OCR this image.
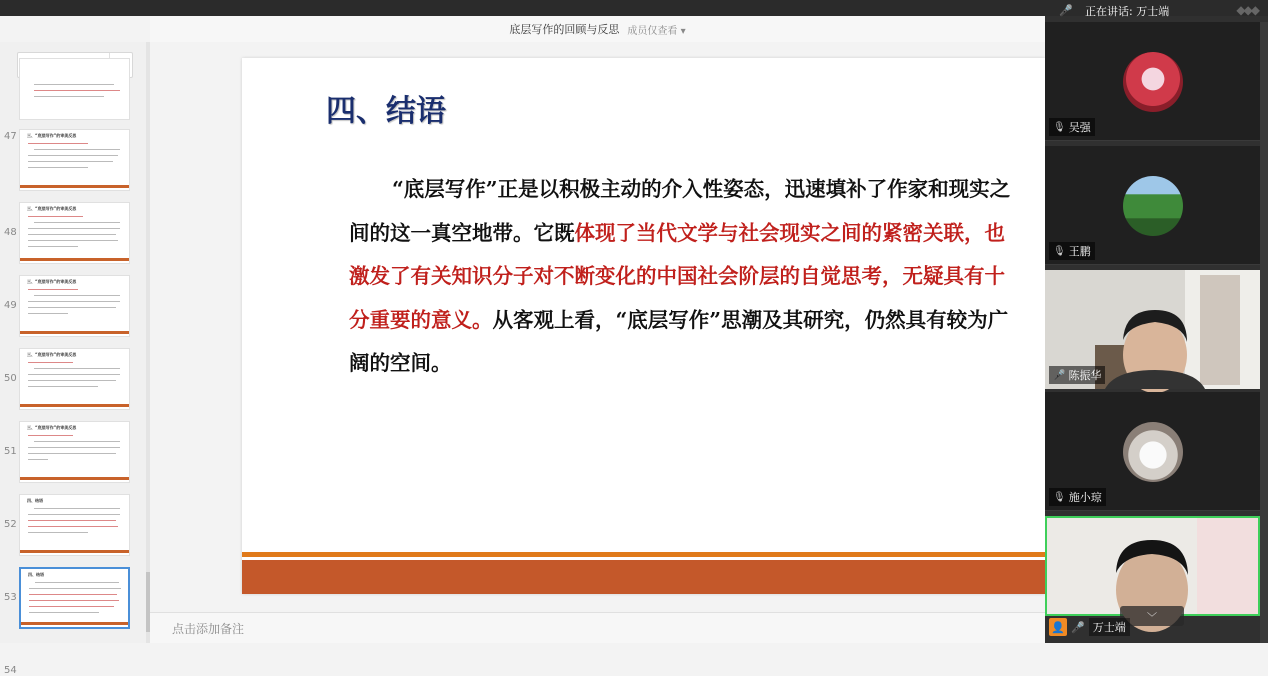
底层写作的回顾与反思 成员仅查看 ▾
47
48
三、“底层写作”的审美反思
49
三、“底层写作”的审美反思
50
三、“底层写作”的审美反思
51
三、“底层写作”的审美反思
52
三、“底层写作”的审美反思
53
四、结语
54
四、结语
四、结语
“底层写作”正是以积极主动的介入性姿态，迅速填补了作家和现实之间的这一真空地带。它既体现了当代文学与社会现实之间的紧密关联，也激发了有关知识分子对不断变化的中国社会阶层的自觉思考，无疑具有十分重要的意义。从客观上看，“底层写作”思潮及其研究，仍然具有较为广阔的空间。
点击添加备注
🎤 正在讲话: 万士端	◆◆◆
🎙 吴强
🎙 王鹏
🎤 陈振华
🎙 施小琼
﹀
👤 🎤 万士端
